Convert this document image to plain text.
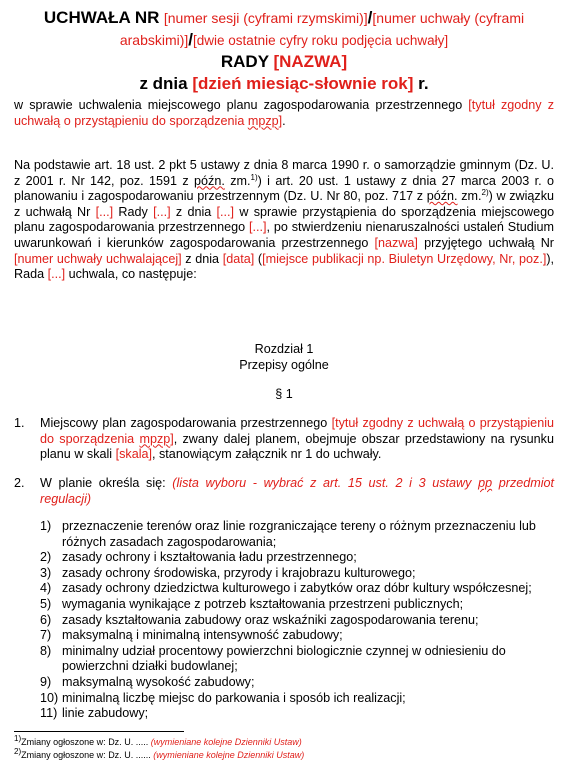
UCHWAŁA NR [numer sesji (cyframi rzymskimi)]/[numer uchwały (cyframi arabskimi)]/[dwie ostatnie cyfry roku podjęcia uchwały]
RADY [NAZWA]
z dnia [dzień miesiąc-słownie rok] r.
w sprawie uchwalenia miejscowego planu zagospodarowania przestrzennego [tytuł zgodny z uchwałą o przystąpieniu do sporządzenia mpzp].
Na podstawie art. 18 ust. 2 pkt 5 ustawy z dnia 8 marca 1990 r. o samorządzie gminnym (Dz. U. z 2001 r. Nr 142, poz. 1591 z późn. zm.$^{1)}$) i art. 20 ust. 1 ustawy z dnia 27 marca 2003 r. o planowaniu i zagospodarowaniu przestrzennym (Dz. U. Nr 80, poz. 717 z późn. zm.$^{2)}$) w związku z uchwałą Nr [...] Rady [...] z dnia [...] w sprawie przystąpienia do sporządzenia miejscowego planu zagospodarowania przestrzennego [...], po stwierdzeniu nienaruszalności ustaleń Studium uwarunkowań i kierunków zagospodarowania przestrzennego [nazwa] przyjętego uchwałą Nr [numer uchwały uchwalającej] z dnia [data] ([miejsce publikacji np. Biuletyn Urzędowy, Nr, poz.]), Rada [...] uchwala, co następuje:
Rozdział 1
Przepisy ogólne
§ 1
1. Miejscowy plan zagospodarowania przestrzennego [tytuł zgodny z uchwałą o przystąpieniu do sporządzenia mpzp], zwany dalej planem, obejmuje obszar przedstawiony na rysunku planu w skali [skala], stanowiącym załącznik nr 1 do uchwały.
2. W planie określa się: (lista wyboru - wybrać z art. 15 ust. 2 i 3 ustawy pp przedmiot regulacji)
1) przeznaczenie terenów oraz linie rozgraniczające tereny o różnym przeznaczeniu lub różnych zasadach zagospodarowania;
2) zasady ochrony i kształtowania ładu przestrzennego;
3) zasady ochrony środowiska, przyrody i krajobrazu kulturowego;
4) zasady ochrony dziedzictwa kulturowego i zabytków oraz dóbr kultury współczesnej;
5) wymagania wynikające z potrzeb kształtowania przestrzeni publicznych;
6) zasady kształtowania zabudowy oraz wskaźniki zagospodarowania terenu;
7) maksymalną i minimalną intensywność zabudowy;
8) minimalny udział procentowy powierzchni biologicznie czynnej w odniesieniu do powierzchni działki budowlanej;
9) maksymalną wysokość zabudowy;
10) minimalną liczbę miejsc do parkowania i sposób ich realizacji;
11) linie zabudowy;
$^{1)}$Zmiany ogłoszone w: Dz. U. ..... (wymieniane kolejne Dzienniki Ustaw)
$^{2)}$Zmiany ogłoszone w: Dz. U. ...... (wymieniane kolejne Dzienniki Ustaw)
